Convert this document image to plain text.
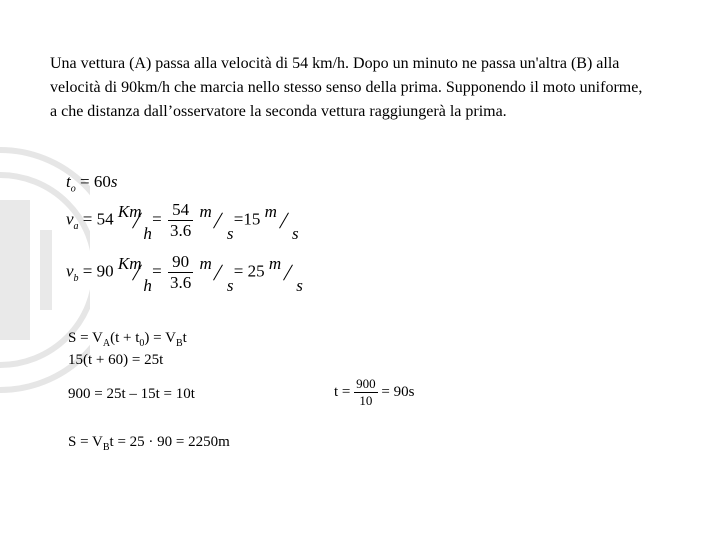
Una vettura (A) passa alla velocità di 54 km/h. Dopo un minuto ne passa un'altra (B) alla velocità di 90km/h che marcia nello stesso senso della prima. Supponendo il moto uniforme, a che distanza dall’osservatore la seconda vettura raggiungerà la prima.
$t_o = 60s$
$v_a = 54$ Km
h
= $\frac{54}{3.6}$
m
s
=15 m
s
$v_b = 90$ Km
h
= $\frac{90}{3.6}$
m
s
= 25 m
s
$S = V_A(t + t_0) = V_Bt$
15(t + 60) = 25t
900 = 25t – 15t = 10t	$t = \frac{900}{10} = 90s$
$S = V_Bt = 25 \cdot 90 = 2250m$
